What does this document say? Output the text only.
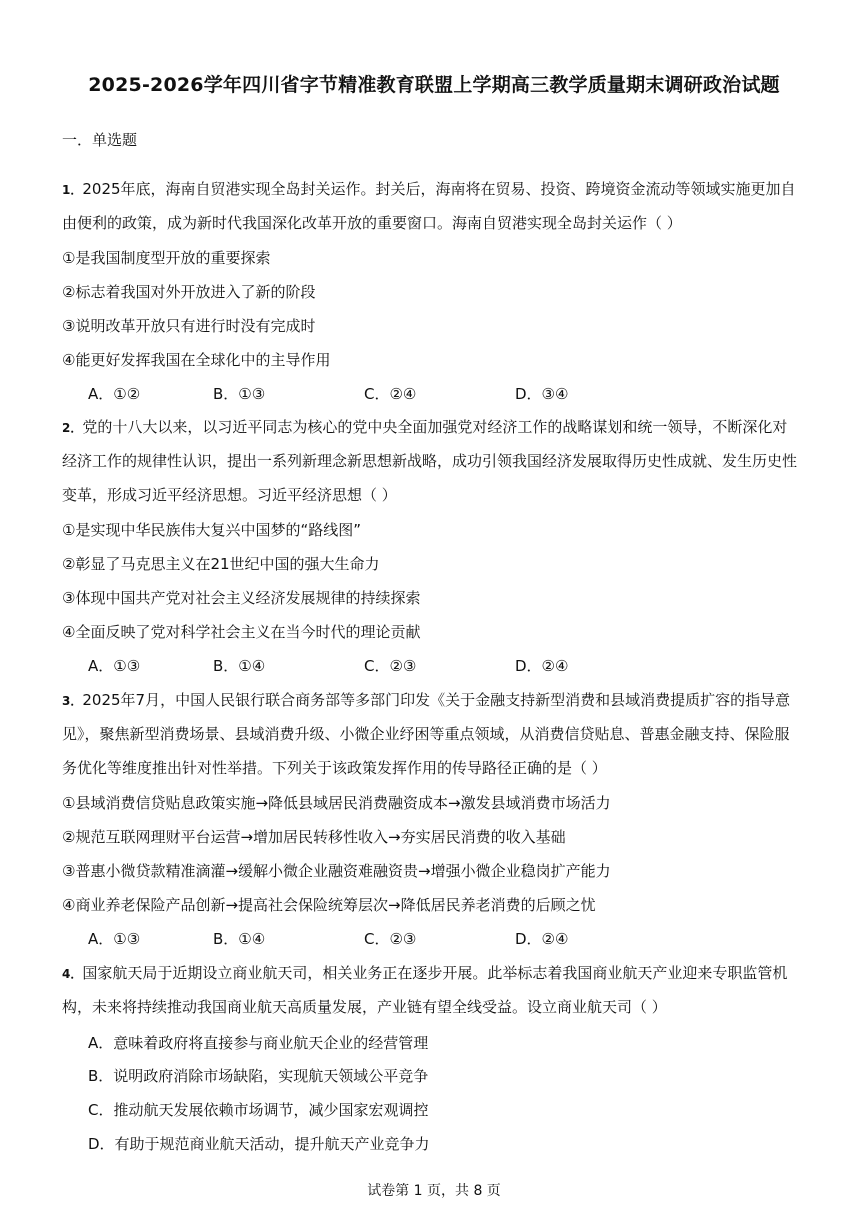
2025-2026学年四川省字节精准教育联盟上学期高三教学质量期末调研政治试题
一．单选题
1．2025年底，海南自贸港实现全岛封关运作。封关后，海南将在贸易、投资、跨境资金流动等领域实施更加自
由便利的政策，成为新时代我国深化改革开放的重要窗口。海南自贸港实现全岛封关运作（ ）
①是我国制度型开放的重要探索
②标志着我国对外开放进入了新的阶段
③说明改革开放只有进行时没有完成时
④能更好发挥我国在全球化中的主导作用
A．①②	B．①③	C．②④	D．③④
2．党的十八大以来，以习近平同志为核心的党中央全面加强党对经济工作的战略谋划和统一领导，不断深化对
经济工作的规律性认识，提出一系列新理念新思想新战略，成功引领我国经济发展取得历史性成就、发生历史性
变革，形成习近平经济思想。习近平经济思想（ ）
①是实现中华民族伟大复兴中国梦的“路线图”
②彰显了马克思主义在21世纪中国的强大生命力
③体现中国共产党对社会主义经济发展规律的持续探索
④全面反映了党对科学社会主义在当今时代的理论贡献
A．①③	B．①④	C．②③	D．②④
3．2025年7月，中国人民银行联合商务部等多部门印发《关于金融支持新型消费和县域消费提质扩容的指导意
见》，聚焦新型消费场景、县域消费升级、小微企业纾困等重点领域，从消费信贷贴息、普惠金融支持、保险服
务优化等维度推出针对性举措。下列关于该政策发挥作用的传导路径正确的是（ ）
①县域消费信贷贴息政策实施→降低县域居民消费融资成本→激发县域消费市场活力
②规范互联网理财平台运营→增加居民转移性收入→夯实居民消费的收入基础
③普惠小微贷款精准滴灌→缓解小微企业融资难融资贵→增强小微企业稳岗扩产能力
④商业养老保险产品创新→提高社会保险统筹层次→降低居民养老消费的后顾之忧
A．①③	B．①④	C．②③	D．②④
4．国家航天局于近期设立商业航天司，相关业务正在逐步开展。此举标志着我国商业航天产业迎来专职监管机
构，未来将持续推动我国商业航天高质量发展，产业链有望全线受益。设立商业航天司（ ）
A．意味着政府将直接参与商业航天企业的经营管理
B．说明政府消除市场缺陷，实现航天领域公平竞争
C．推动航天发展依赖市场调节，减少国家宏观调控
D．有助于规范商业航天活动，提升航天产业竞争力
试卷第 1 页，共 8 页
